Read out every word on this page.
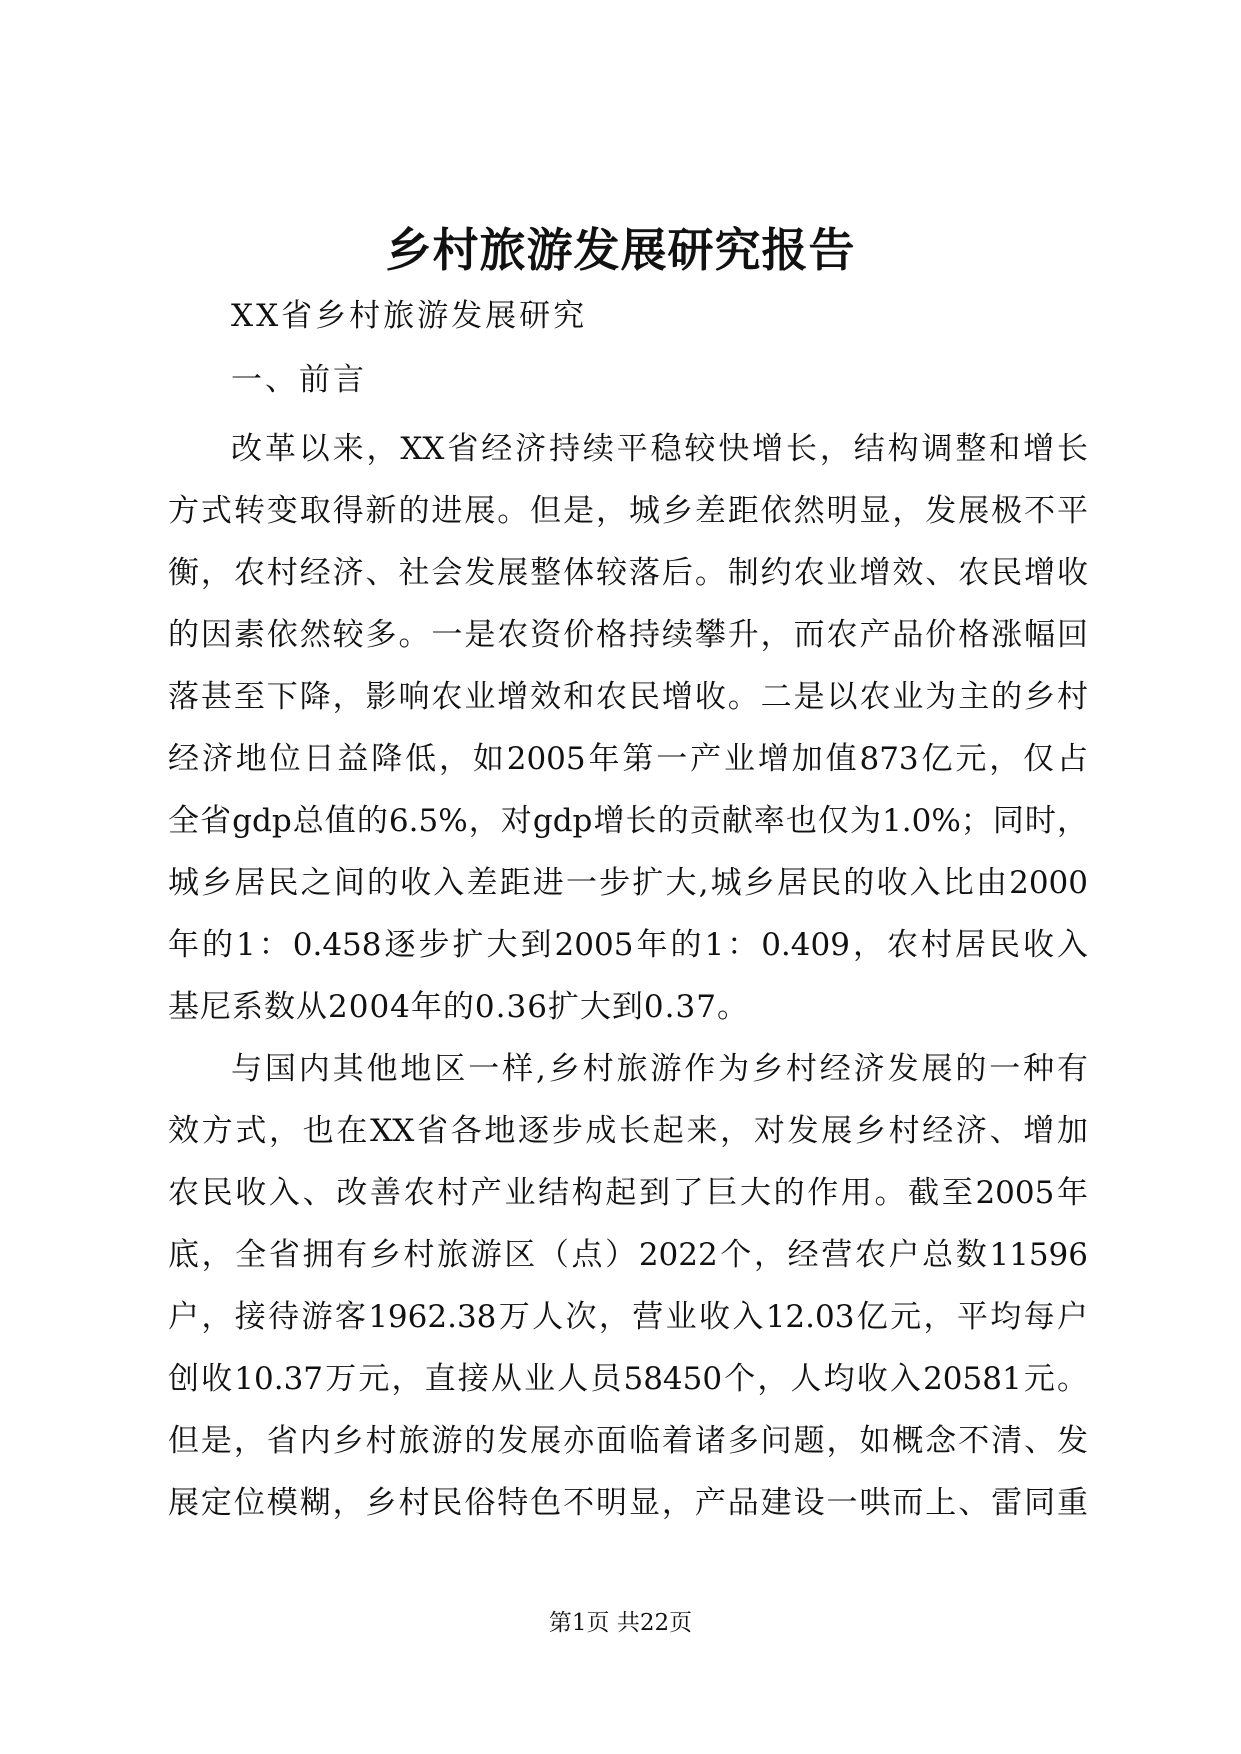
乡村旅游发展研究报告
XX省乡村旅游发展研究
一、前言
改革以来，XX省经济持续平稳较快增长，结构调整和增长
方式转变取得新的进展。但是，城乡差距依然明显，发展极不平
衡，农村经济、社会发展整体较落后。制约农业增效、农民增收
的因素依然较多。一是农资价格持续攀升，而农产品价格涨幅回
落甚至下降，影响农业增效和农民增收。二是以农业为主的乡村
经济地位日益降低，如2005年第一产业增加值873亿元，仅占
全省gdp总值的6.5%，对gdp增长的贡献率也仅为1.0%；同时，
城乡居民之间的收入差距进一步扩大,城乡居民的收入比由2000
年的1：0.458逐步扩大到2005年的1：0.409，农村居民收入
基尼系数从2004年的0.36扩大到0.37。
与国内其他地区一样,乡村旅游作为乡村经济发展的一种有
效方式，也在XX省各地逐步成长起来，对发展乡村经济、增加
农民收入、改善农村产业结构起到了巨大的作用。截至2005年
底，全省拥有乡村旅游区（点）2022个，经营农户总数11596
户，接待游客1962.38万人次，营业收入12.03亿元，平均每户
创收10.37万元，直接从业人员58450个，人均收入20581元。
但是，省内乡村旅游的发展亦面临着诸多问题，如概念不清、发
展定位模糊，乡村民俗特色不明显，产品建设一哄而上、雷同重
第1页 共22页
